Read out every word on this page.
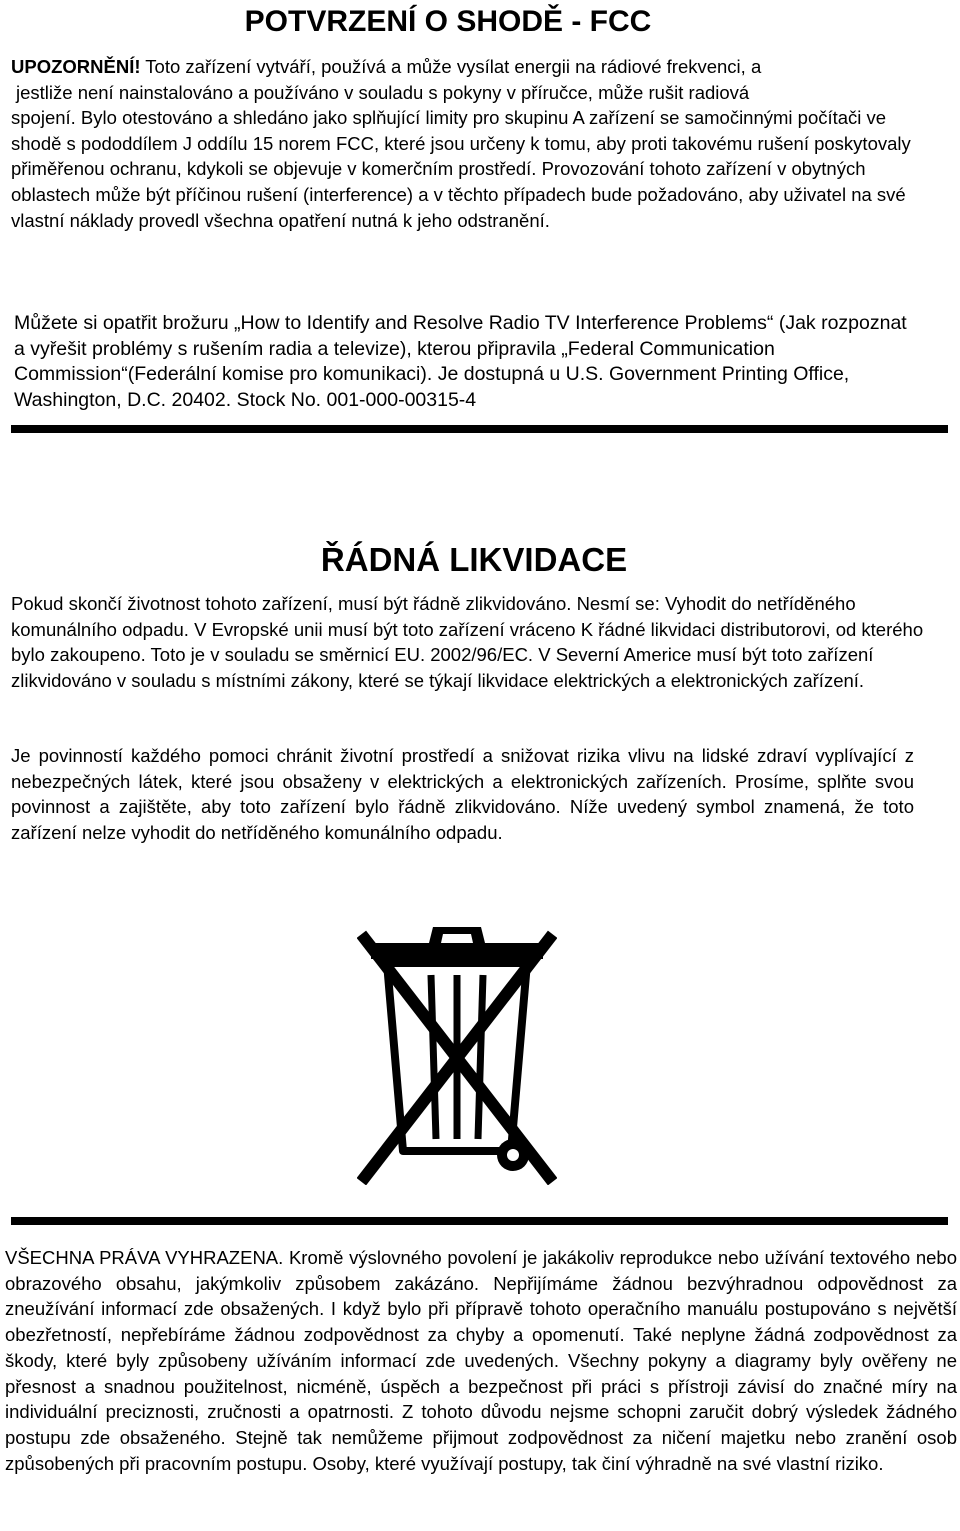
POTVRZENÍ O SHODĚ - FCC
UPOZORNĚNÍ! Toto zařízení vytváří, používá a může vysílat energii na rádiové frekvenci, a
jestliže není nainstalováno a používáno v souladu s pokyny v příručce, může rušit radiová
spojení. Bylo otestováno a shledáno jako splňující limity pro skupinu A zařízení se samočinnými počítači ve shodě s pododdílem J oddílu 15 norem FCC, které jsou určeny k tomu, aby proti takovému rušení poskytovaly přiměřenou ochranu, kdykoli se objevuje v komerčním prostředí. Provozování tohoto zařízení v obytných oblastech může být příčinou rušení (interference) a v těchto případech bude požadováno, aby uživatel na své vlastní náklady provedl všechna opatření nutná k jeho odstranění.

Můžete si opatřit brožuru „How to Identify and Resolve Radio TV Interference Problems“ (Jak rozpoznat a vyřešit problémy s rušením radia a televize), kterou připravila „Federal Communication Commission“(Federální komise pro komunikaci). Je dostupná u U.S. Government Printing Office, Washington, D.C. 20402. Stock No. 001-000-00315-4

ŘÁDNÁ LIKVIDACE

Pokud skončí životnost tohoto zařízení, musí být řádně zlikvidováno. Nesmí se: Vyhodit do netříděného komunálního odpadu. V Evropské unii musí být toto zařízení vráceno K řádné likvidaci distributorovi, od kterého bylo zakoupeno. Toto je v souladu se směrnicí EU. 2002/96/EC. V Severní Americe musí být toto zařízení zlikvidováno v souladu s místními zákony, které se týkají likvidace elektrických a elektronických zařízení.

Je povinností každého pomoci chránit životní prostředí a snižovat rizika vlivu na lidské zdraví vyplívající z nebezpečných látek, které jsou obsaženy v elektrických a elektronických zařízeních. Prosíme, splňte svou povinnost a zajištěte, aby toto zařízení bylo řádně zlikvidováno. Níže uvedený symbol znamená, že toto zařízení nelze vyhodit do netříděného komunálního odpadu.

VŠECHNA PRÁVA VYHRAZENA. Kromě výslovného povolení je jakákoliv reprodukce nebo užívání textového nebo obrazového obsahu, jakýmkoliv způsobem zakázáno. Nepřijímáme žádnou bezvýhradnou odpovědnost za zneužívání informací zde obsažených. I když bylo při přípravě tohoto operačního manuálu postupováno s největší obezřetností, nepřebíráme žádnou zodpovědnost za chyby a opomenutí. Také neplyne žádná zodpovědnost za škody, které byly způsobeny užíváním informací zde uvedených. Všechny pokyny a diagramy byly ověřeny ne přesnost a snadnou použitelnost, nicméně, úspěch a bezpečnost při práci s přístroji závisí do značné míry na individuální preciznosti, zručnosti a opatrnosti. Z tohoto důvodu nejsme schopni zaručit dobrý výsledek žádného postupu zde obsaženého. Stejně tak nemůžeme přijmout zodpovědnost za ničení majetku nebo zranění osob způsobených při pracovním postupu. Osoby, které využívají postupy, tak činí výhradně na své vlastní riziko.
